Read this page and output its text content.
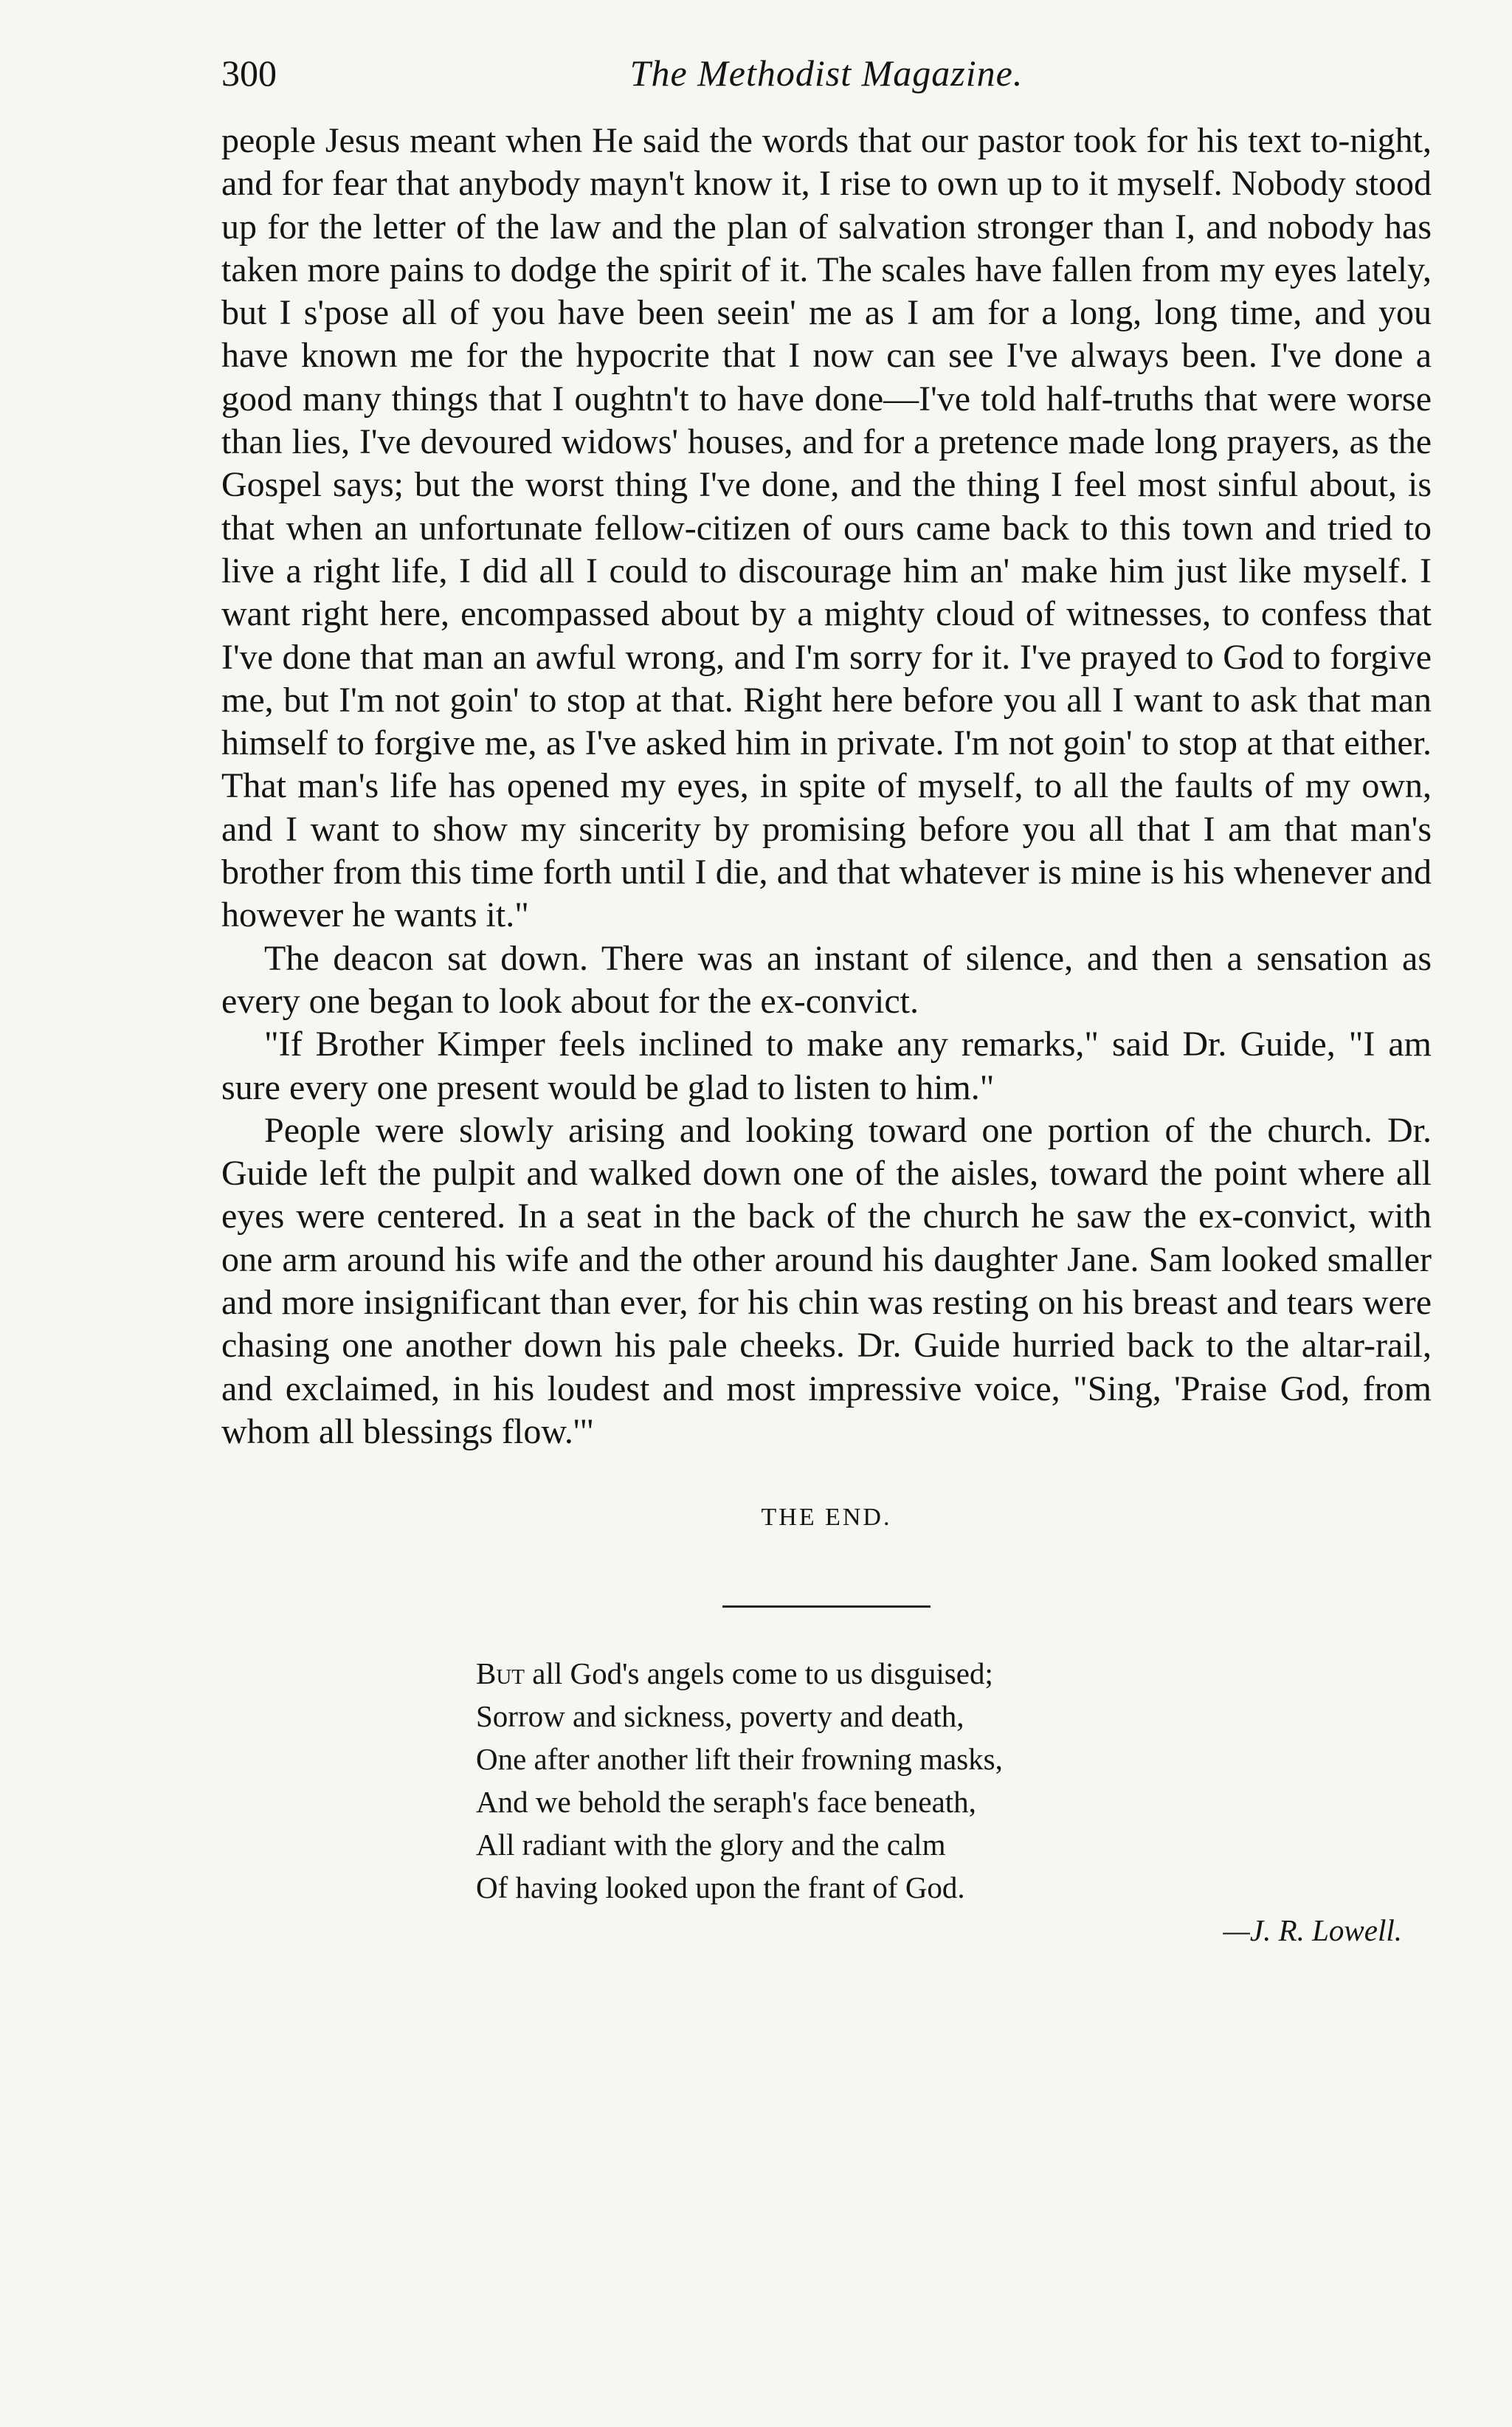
300	The Methodist Magazine.

people Jesus meant when He said the words that our pastor took for his text to-night, and for fear that anybody mayn't know it, I rise to own up to it myself. Nobody stood up for the letter of the law and the plan of salvation stronger than I, and nobody has taken more pains to dodge the spirit of it. The scales have fallen from my eyes lately, but I s'pose all of you have been seein' me as I am for a long, long time, and you have known me for the hypocrite that I now can see I've always been. I've done a good many things that I oughtn't to have done—I've told half-truths that were worse than lies, I've devoured widows' houses, and for a pretence made long prayers, as the Gospel says; but the worst thing I've done, and the thing I feel most sinful about, is that when an unfortunate fellow-citizen of ours came back to this town and tried to live a right life, I did all I could to discourage him an' make him just like myself. I want right here, encompassed about by a mighty cloud of witnesses, to confess that I've done that man an awful wrong, and I'm sorry for it. I've prayed to God to forgive me, but I'm not goin' to stop at that. Right here before you all I want to ask that man himself to forgive me, as I've asked him in private. I'm not goin' to stop at that either. That man's life has opened my eyes, in spite of myself, to all the faults of my own, and I want to show my sincerity by promising before you all that I am that man's brother from this time forth until I die, and that whatever is mine is his whenever and however he wants it."

The deacon sat down. There was an instant of silence, and then a sensation as every one began to look about for the ex-convict.

"If Brother Kimper feels inclined to make any remarks," said Dr. Guide, "I am sure every one present would be glad to listen to him."

People were slowly arising and looking toward one portion of the church. Dr. Guide left the pulpit and walked down one of the aisles, toward the point where all eyes were centered. In a seat in the back of the church he saw the ex-convict, with one arm around his wife and the other around his daughter Jane. Sam looked smaller and more insignificant than ever, for his chin was resting on his breast and tears were chasing one another down his pale cheeks. Dr. Guide hurried back to the altar-rail, and exclaimed, in his loudest and most impressive voice, "Sing, 'Praise God, from whom all blessings flow.'"

THE END.
But all God's angels come to us disguised;
Sorrow and sickness, poverty and death,
One after another lift their frowning masks,
And we behold the seraph's face beneath,
All radiant with the glory and the calm
Of having looked upon the frant of God.
—J. R. Lowell.
